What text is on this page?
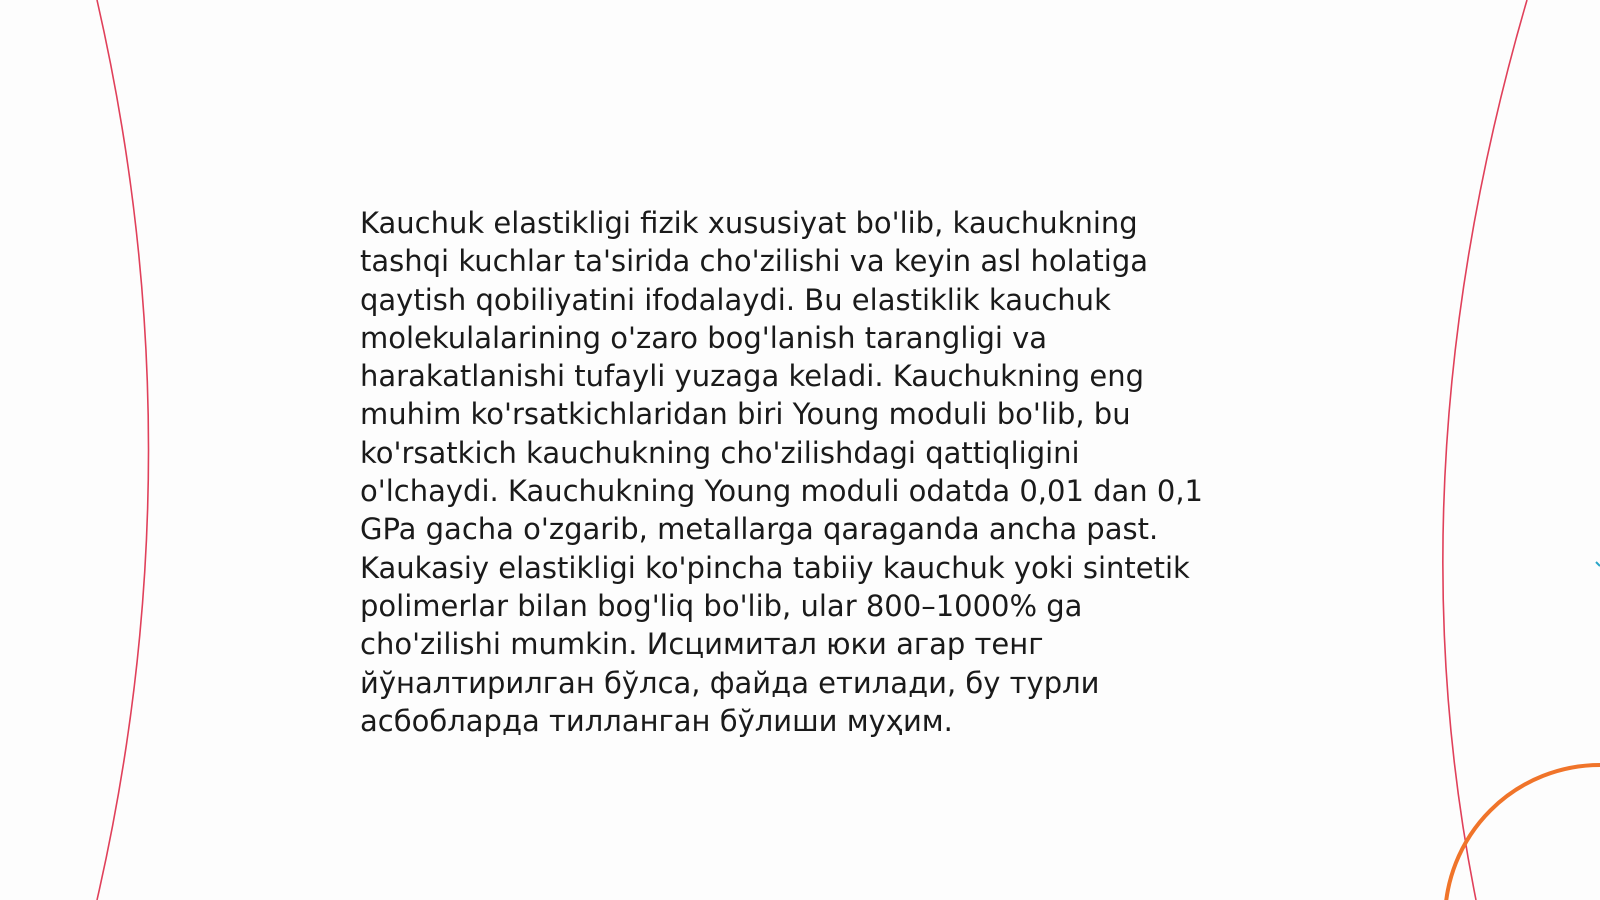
Kauchuk elastikligi fizik xususiyat bo'lib, kauchukning
tashqi kuchlar ta'sirida cho'zilishi va keyin asl holatiga
qaytish qobiliyatini ifodalaydi. Bu elastiklik kauchuk
molekulalarining o'zaro bog'lanish tarangligi va
harakatlanishi tufayli yuzaga keladi. Kauchukning eng
muhim ko'rsatkichlaridan biri Young moduli bo'lib, bu
ko'rsatkich kauchukning cho'zilishdagi qattiqligini
o'lchaydi. Kauchukning Young moduli odatda 0,01 dan 0,1
GPa gacha o'zgarib, metallarga qaraganda ancha past.
Kaukasiy elastikligi ko'pincha tabiiy kauchuk yoki sintetik
polimerlar bilan bog'liq bo'lib, ular 800–1000% ga
cho'zilishi mumkin. Исцимитал юки агар тенг
йўналтирилган бўлса, файда етилади, бу турли
асбобларда тилланган бўлиши муҳим.
